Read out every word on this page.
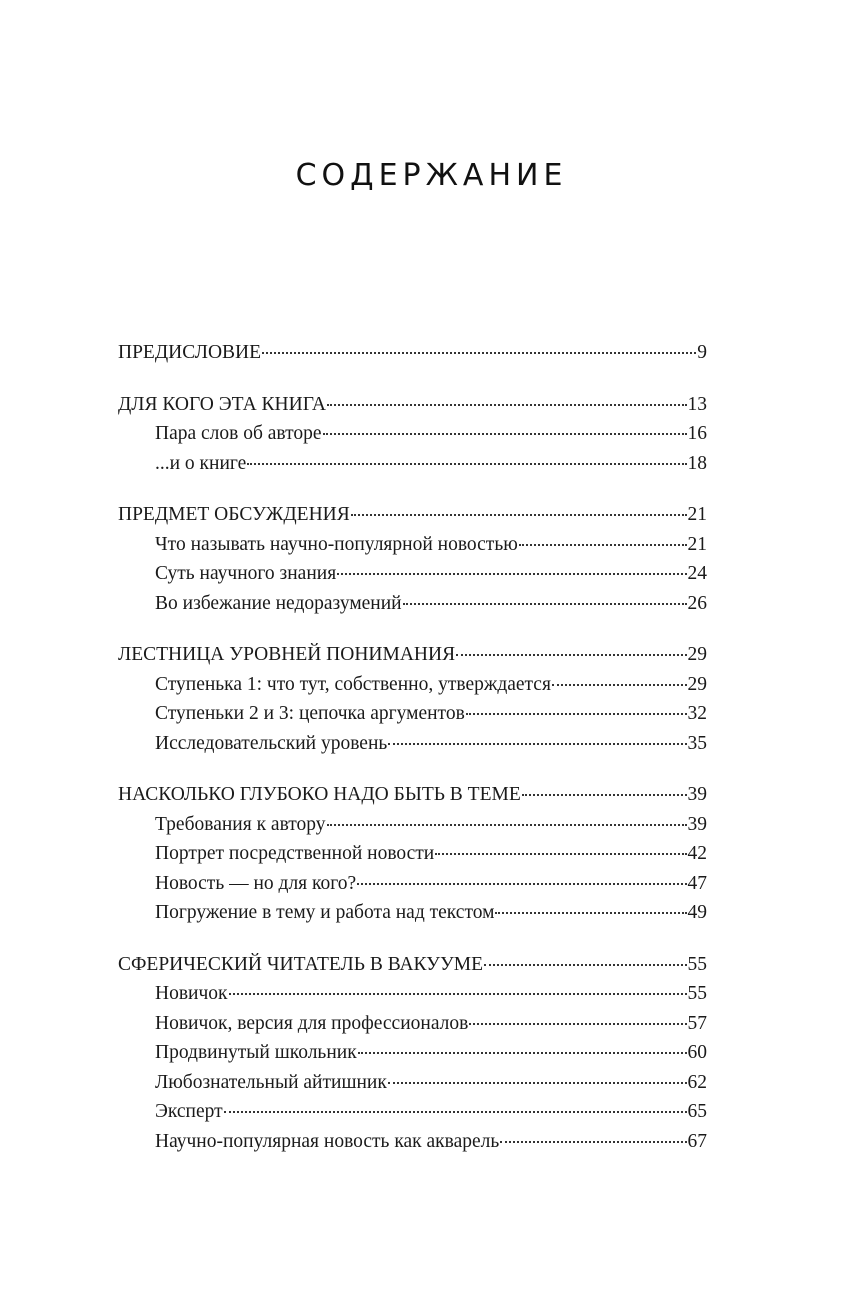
СОДЕРЖАНИЕ
ПРЕДИСЛОВИЕ	9
ДЛЯ КОГО ЭТА КНИГА	13
Пара слов об авторе	16
...и о книге	18
ПРЕДМЕТ ОБСУЖДЕНИЯ	21
Что называть научно-популярной новостью	21
Суть научного знания	24
Во избежание недоразумений	26
ЛЕСТНИЦА УРОВНЕЙ ПОНИМАНИЯ	29
Ступенька 1: что тут, собственно, утверждается	29
Ступеньки 2 и 3: цепочка аргументов	32
Исследовательский уровень	35
НАСКОЛЬКО ГЛУБОКО НАДО БЫТЬ В ТЕМЕ	39
Требования к автору	39
Портрет посредственной новости	42
Новость — но для кого?	47
Погружение в тему и работа над текстом	49
СФЕРИЧЕСКИЙ ЧИТАТЕЛЬ В ВАКУУМЕ	55
Новичок	55
Новичок, версия для профессионалов	57
Продвинутый школьник	60
Любознательный айтишник	62
Эксперт	65
Научно-популярная новость как акварель	67
